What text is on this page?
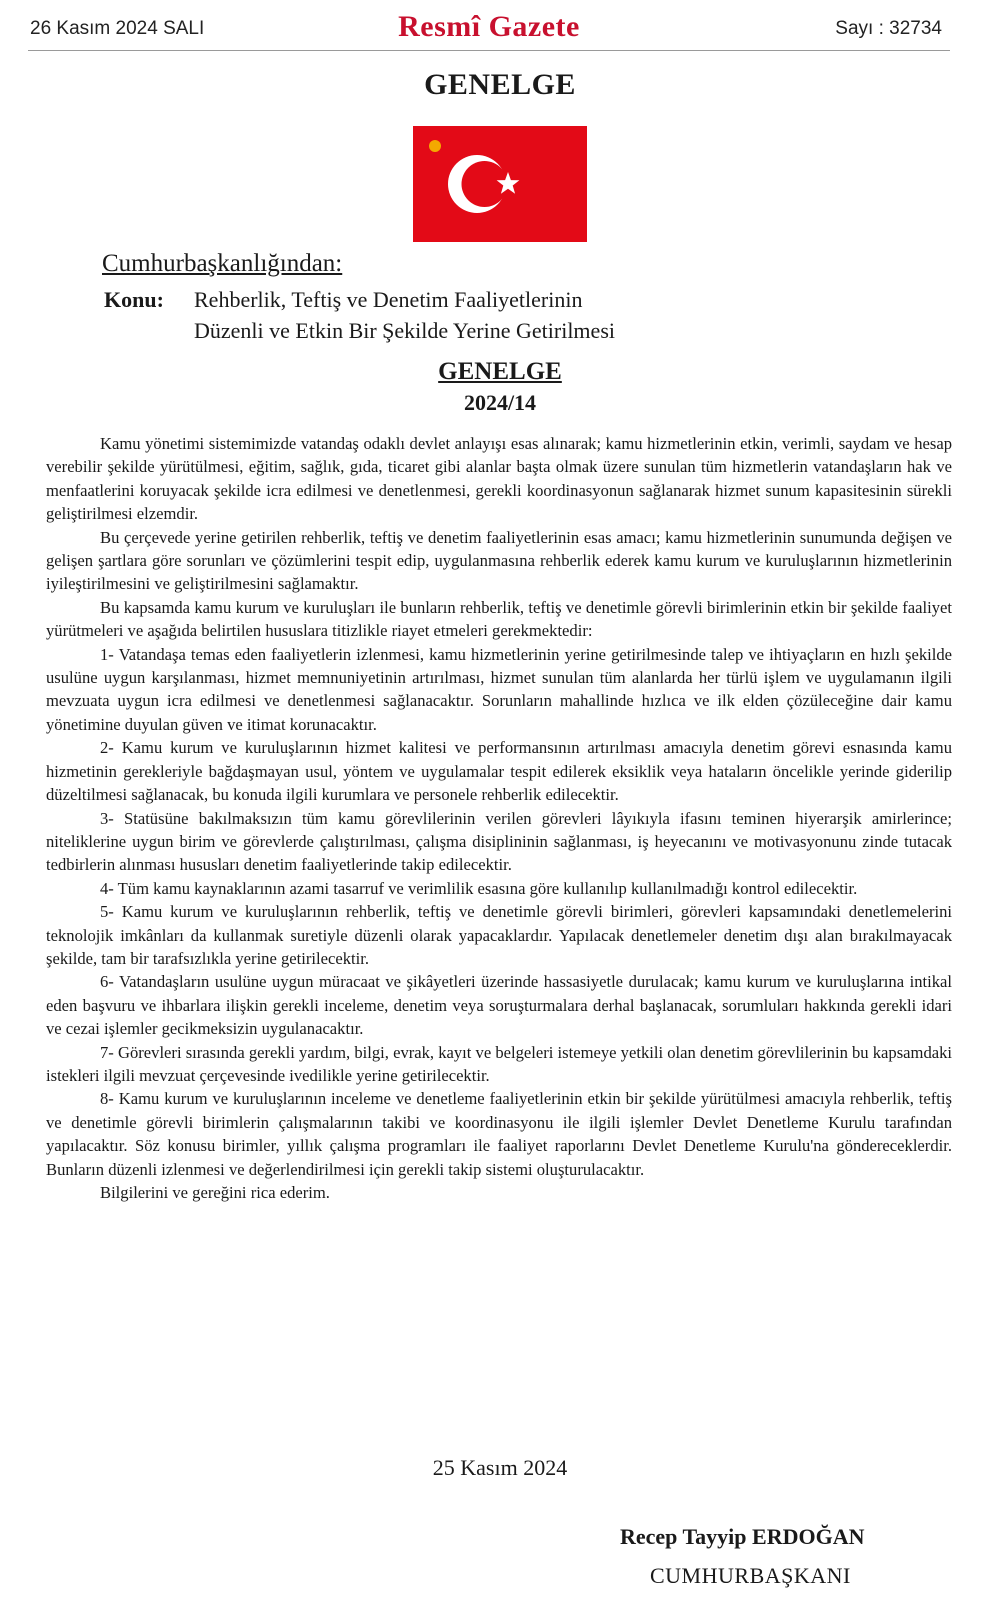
26 Kasım 2024 SALI	Resmî Gazete	Sayı : 32734
GENELGE
Cumhurbaşkanlığından:
Konu: Rehberlik, Teftiş ve Denetim Faaliyetlerinin
Düzenli ve Etkin Bir Şekilde Yerine Getirilmesi
GENELGE
2024/14

Kamu yönetimi sistemimizde vatandaş odaklı devlet anlayışı esas alınarak; kamu hizmetlerinin etkin, verimli, saydam ve hesap verebilir şekilde yürütülmesi, eğitim, sağlık, gıda, ticaret gibi alanlar başta olmak üzere sunulan tüm hizmetlerin vatandaşların hak ve menfaatlerini koruyacak şekilde icra edilmesi ve denetlenmesi, gerekli koordinasyonun sağlanarak hizmet sunum kapasitesinin sürekli geliştirilmesi elzemdir.

Bu çerçevede yerine getirilen rehberlik, teftiş ve denetim faaliyetlerinin esas amacı; kamu hizmetlerinin sunumunda değişen ve gelişen şartlara göre sorunları ve çözümlerini tespit edip, uygulanmasına rehberlik ederek kamu kurum ve kuruluşlarının hizmetlerinin iyileştirilmesini ve geliştirilmesini sağlamaktır.

Bu kapsamda kamu kurum ve kuruluşları ile bunların rehberlik, teftiş ve denetimle görevli birimlerinin etkin bir şekilde faaliyet yürütmeleri ve aşağıda belirtilen hususlara titizlikle riayet etmeleri gerekmektedir:

1- Vatandaşa temas eden faaliyetlerin izlenmesi, kamu hizmetlerinin yerine getirilmesinde talep ve ihtiyaçların en hızlı şekilde usulüne uygun karşılanması, hizmet memnuniyetinin artırılması, hizmet sunulan tüm alanlarda her türlü işlem ve uygulamanın ilgili mevzuata uygun icra edilmesi ve denetlenmesi sağlanacaktır. Sorunların mahallinde hızlıca ve ilk elden çözüleceğine dair kamu yönetimine duyulan güven ve itimat korunacaktır.

2- Kamu kurum ve kuruluşlarının hizmet kalitesi ve performansının artırılması amacıyla denetim görevi esnasında kamu hizmetinin gerekleriyle bağdaşmayan usul, yöntem ve uygulamalar tespit edilerek eksiklik veya hataların öncelikle yerinde giderilip düzeltilmesi sağlanacak, bu konuda ilgili kurumlara ve personele rehberlik edilecektir.

3- Statüsüne bakılmaksızın tüm kamu görevlilerinin verilen görevleri lâyıkıyla ifasını teminen hiyerarşik amirlerince; niteliklerine uygun birim ve görevlerde çalıştırılması, çalışma disiplininin sağlanması, iş heyecanını ve motivasyonunu zinde tutacak tedbirlerin alınması hususları denetim faaliyetlerinde takip edilecektir.

4- Tüm kamu kaynaklarının azami tasarruf ve verimlilik esasına göre kullanılıp kullanılmadığı kontrol edilecektir.

5- Kamu kurum ve kuruluşlarının rehberlik, teftiş ve denetimle görevli birimleri, görevleri kapsamındaki denetlemelerini teknolojik imkânları da kullanmak suretiyle düzenli olarak yapacaklardır. Yapılacak denetlemeler denetim dışı alan bırakılmayacak şekilde, tam bir tarafsızlıkla yerine getirilecektir.

6- Vatandaşların usulüne uygun müracaat ve şikâyetleri üzerinde hassasiyetle durulacak; kamu kurum ve kuruluşlarına intikal eden başvuru ve ihbarlara ilişkin gerekli inceleme, denetim veya soruşturmalara derhal başlanacak, sorumluları hakkında gerekli idari ve cezai işlemler gecikmeksizin uygulanacaktır.

7- Görevleri sırasında gerekli yardım, bilgi, evrak, kayıt ve belgeleri istemeye yetkili olan denetim görevlilerinin bu kapsamdaki istekleri ilgili mevzuat çerçevesinde ivedilikle yerine getirilecektir.

8- Kamu kurum ve kuruluşlarının inceleme ve denetleme faaliyetlerinin etkin bir şekilde yürütülmesi amacıyla rehberlik, teftiş ve denetimle görevli birimlerin çalışmalarının takibi ve koordinasyonu ile ilgili işlemler Devlet Denetleme Kurulu tarafından yapılacaktır. Söz konusu birimler, yıllık çalışma programları ile faaliyet raporlarını Devlet Denetleme Kurulu'na göndereceklerdir. Bunların düzenli izlenmesi ve değerlendirilmesi için gerekli takip sistemi oluşturulacaktır.

Bilgilerini ve gereğini rica ederim.

25 Kasım 2024
Recep Tayyip ERDOĞAN
CUMHURBAŞKANI
